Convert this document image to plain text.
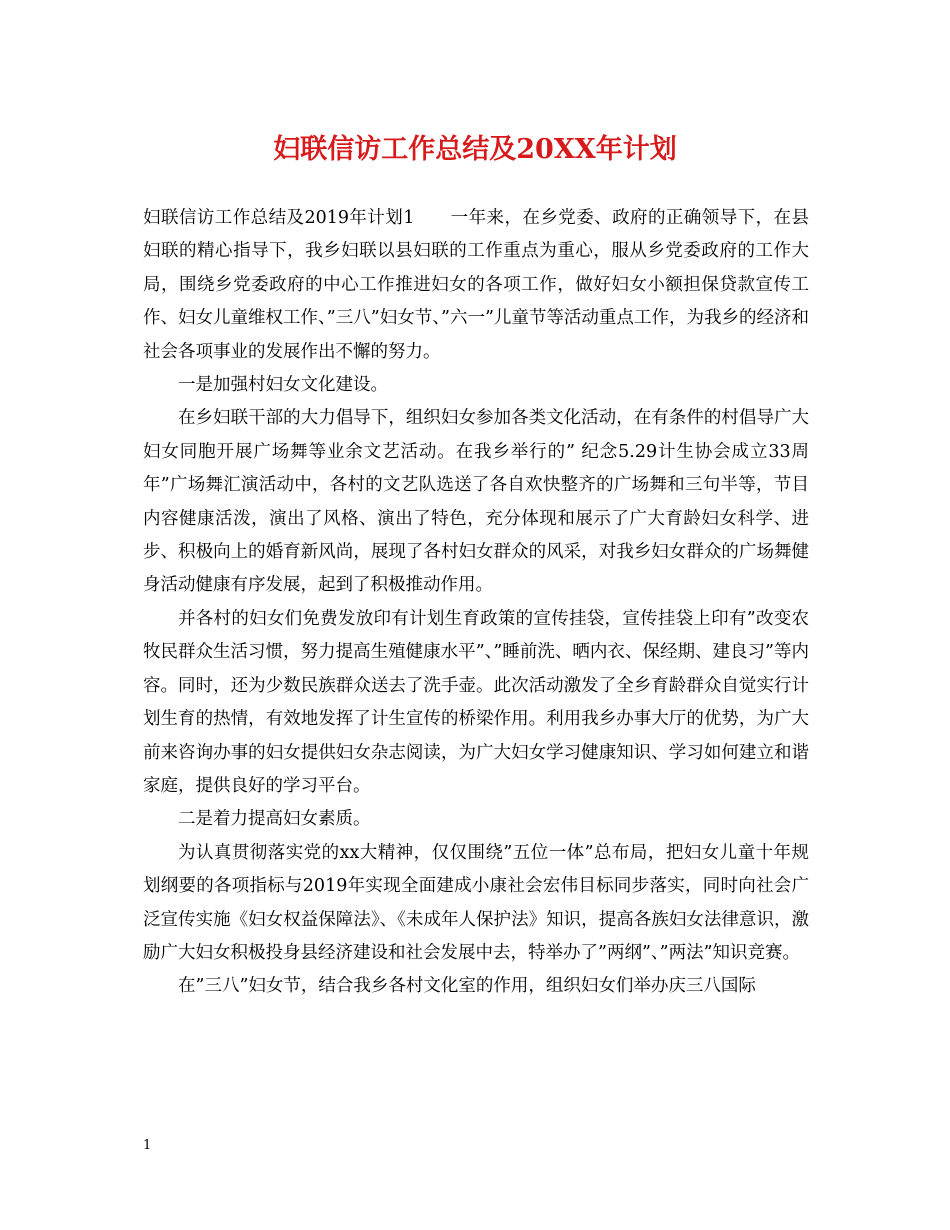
妇联信访工作总结及20XX年计划

妇联信访工作总结及2019年计划1　　一年来，在乡党委、政府的正确领导下，在县妇联的精心指导下，我乡妇联以县妇联的工作重点为重心，服从乡党委政府的工作大局，围绕乡党委政府的中心工作推进妇女的各项工作，做好妇女小额担保贷款宣传工作、妇女儿童维权工作、”三八”妇女节、”六一”儿童节等活动重点工作，为我乡的经济和社会各项事业的发展作出不懈的努力。

一是加强村妇女文化建设。

在乡妇联干部的大力倡导下，组织妇女参加各类文化活动，在有条件的村倡导广大妇女同胞开展广场舞等业余文艺活动。在我乡举行的” 纪念5.29计生协会成立33周年”广场舞汇演活动中，各村的文艺队选送了各自欢快整齐的广场舞和三句半等，节目内容健康活泼，演出了风格、演出了特色，充分体现和展示了广大育龄妇女科学、进步、积极向上的婚育新风尚，展现了各村妇女群众的风采，对我乡妇女群众的广场舞健身活动健康有序发展，起到了积极推动作用。

并各村的妇女们免费发放印有计划生育政策的宣传挂袋，宣传挂袋上印有”改变农牧民群众生活习惯，努力提高生殖健康水平”、”睡前洗、晒内衣、保经期、建良习”等内容。同时，还为少数民族群众送去了洗手壶。此次活动激发了全乡育龄群众自觉实行计划生育的热情，有效地发挥了计生宣传的桥梁作用。利用我乡办事大厅的优势，为广大前来咨询办事的妇女提供妇女杂志阅读，为广大妇女学习健康知识、学习如何建立和谐家庭，提供良好的学习平台。

二是着力提高妇女素质。

为认真贯彻落实党的xx大精神，仅仅围绕”五位一体”总布局，把妇女儿童十年规划纲要的各项指标与2019年实现全面建成小康社会宏伟目标同步落实，同时向社会广泛宣传实施《妇女权益保障法》、《未成年人保护法》知识，提高各族妇女法律意识，激励广大妇女积极投身县经济建设和社会发展中去，特举办了”两纲”、”两法”知识竞赛。

在”三八”妇女节，结合我乡各村文化室的作用，组织妇女们举办庆三八国际

1
